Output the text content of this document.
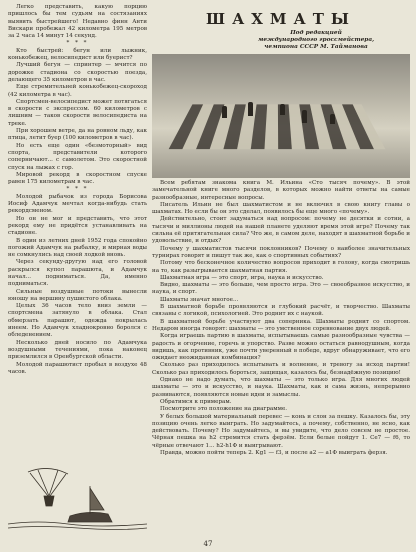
Легко представить, какую порцию пришлось бы тем судьям на состязаниях выявить быстрейшего! Недавно финн Анти Вискари пробежал 42 километра 195 метров за 2 часа 14 минут 14 секунд.

* * *

Кто быстрей: бегун или лыжник, конькобежец, велосипедист или буерист?

Лучший бегун — спринтер — мчится по дорожке стадиона со скоростью поезда, делающего 35 километров в час.

Еще стремительней конькобежец-скороход (42 километра в час).

Спортсмен-велосипедист может потягаться в скорости с экспрессом. 60 километров с лишним — таков скорости велосипедиста на треке.

При хорошем ветре, да на ровном льду, как птица, летит буер (100 километров в час).

Но есть еще один «безмоторный» вид спорта, представители которого соперничают... с самолетом. Это скоростной спуск на лыжах с гор.

Мировой рекорд в скоростном спуске равен 175 километрам в час.

* * *

Молодой рыбачок из города Борисова Иосиф Адамчук мечтал когда-нибудь стать рекордсменом.

Но он не мог и представить, что этот рекорд ему не придётся устанавливать на стадионе.

В один из летних дней 1952 года спокойно погожий Адамчук на рыбалку, и мирная воды не сомкнулись над своей лодкой вновь.

Через секунду-другую над его головой раскрылся купол парашюта, и Адамчук начал... подниматься. Да, именно подниматься.

Сильные воздушные потоки вынесли юношу на вершину пушистого облака.

Целых 36 часов тело вниз земли — спортсмена затянуло в облака. Стал обмерзать парашют, одежда покрылась инеем. Но Адамчук хладнокровно боролся с обледенением.

Несколько дней носило по Адамчука воздушными течениями, пока наконец приземлился в Оренбургской области.

Молодой парашютист пробыл в воздухе 48 часов.

ШАХМАТЫ
Под редакцией
международного гроссмейстера,
чемпиона СССР М. Тайманова

Всем ребятам знакома книга М. Ильина «Сто тысяч почему». В этой замечательной книге много разделов, в которых можно найти ответы на самые разнообразные, интересные вопросы.

Писатель Ильин не был шахматистом и не включил в свою книгу главы о шахматах. Но если бы он это сделал, появилось бы еще много «почему».

Действительно, стоит задуматься над вопросом: почему не десятки и сотни, а тысячи и миллионы людей на нашей планете уделяют время этой игре? Почему так сильна её притягательная сила? Что же, в самом деле, находят в шахматной борьбе и удовольствие, и отдых?

Почему у шахматистов тысячи поклонников? Почему о наиболее значительных турнирах говорят и пишут так же, как о спортивных событиях?

Потому что бесконечное количество вопросов приходит в голову, когда смотришь на то, как разыгрывается шахматная партия.

Шахматная игра — это спорт, игра, наука и искусство.

Видно, шахматы — это больше, чем просто игра. Это — своеобразное искусство, и наука, и спорт.

Шахматы значат многое...

В шахматной борьбе проявляются и глубокий расчёт, и творчество. Шахматы связаны с логикой, психологией. Это роднит их с наукой.

В шахматной борьбе участвуют два соперника. Шахматы роднит со спортом. Недаром иногда говорят: шахматы — это умственное соревнование двух людей.

Когда играешь партию в шахматы, испытываешь самые разнообразные чувства — радость и огорчение, горечь и упорство. Разве можно остаться равнодушным, когда видишь, как противник, уже почти уверенный в победе, вдруг обнаруживает, что его ожидает неожиданная комбинация?

Сколько раз приходилось испытывать и волнение, и тревогу за исход партии! Сколько раз приходилось бороться, защищая, казалось бы, безнадёжную позицию!

Однако не надо думать, что шахматы — это только игра. Для многих людей шахматы — это и искусство, и наука. Шахматы, как и сама жизнь, непрерывно развиваются, появляются новые идеи и замыслы.

Обратимся к примерам.

Посмотрите это положение на диаграмме.

У белых большой материальный перевес — конь и слон за пешку. Казалось бы, эту позицию очень легко выиграть. Но задумайтесь, а почему, собственно, не ясно, как действовать. Почему? Но задумайтесь, и вы увидите, что дело совсем не простое. Чёрная пешка на h2 стремится стать ферзём. Если белые пойдут 1. Се7 — f6, то чёрные отвечают 1... h2-h1Ф и выигрывают.

Правда, можно пойти теперь 2. Kg1 — f3, и после а2 — a1Ф выиграть ферзя.

47
